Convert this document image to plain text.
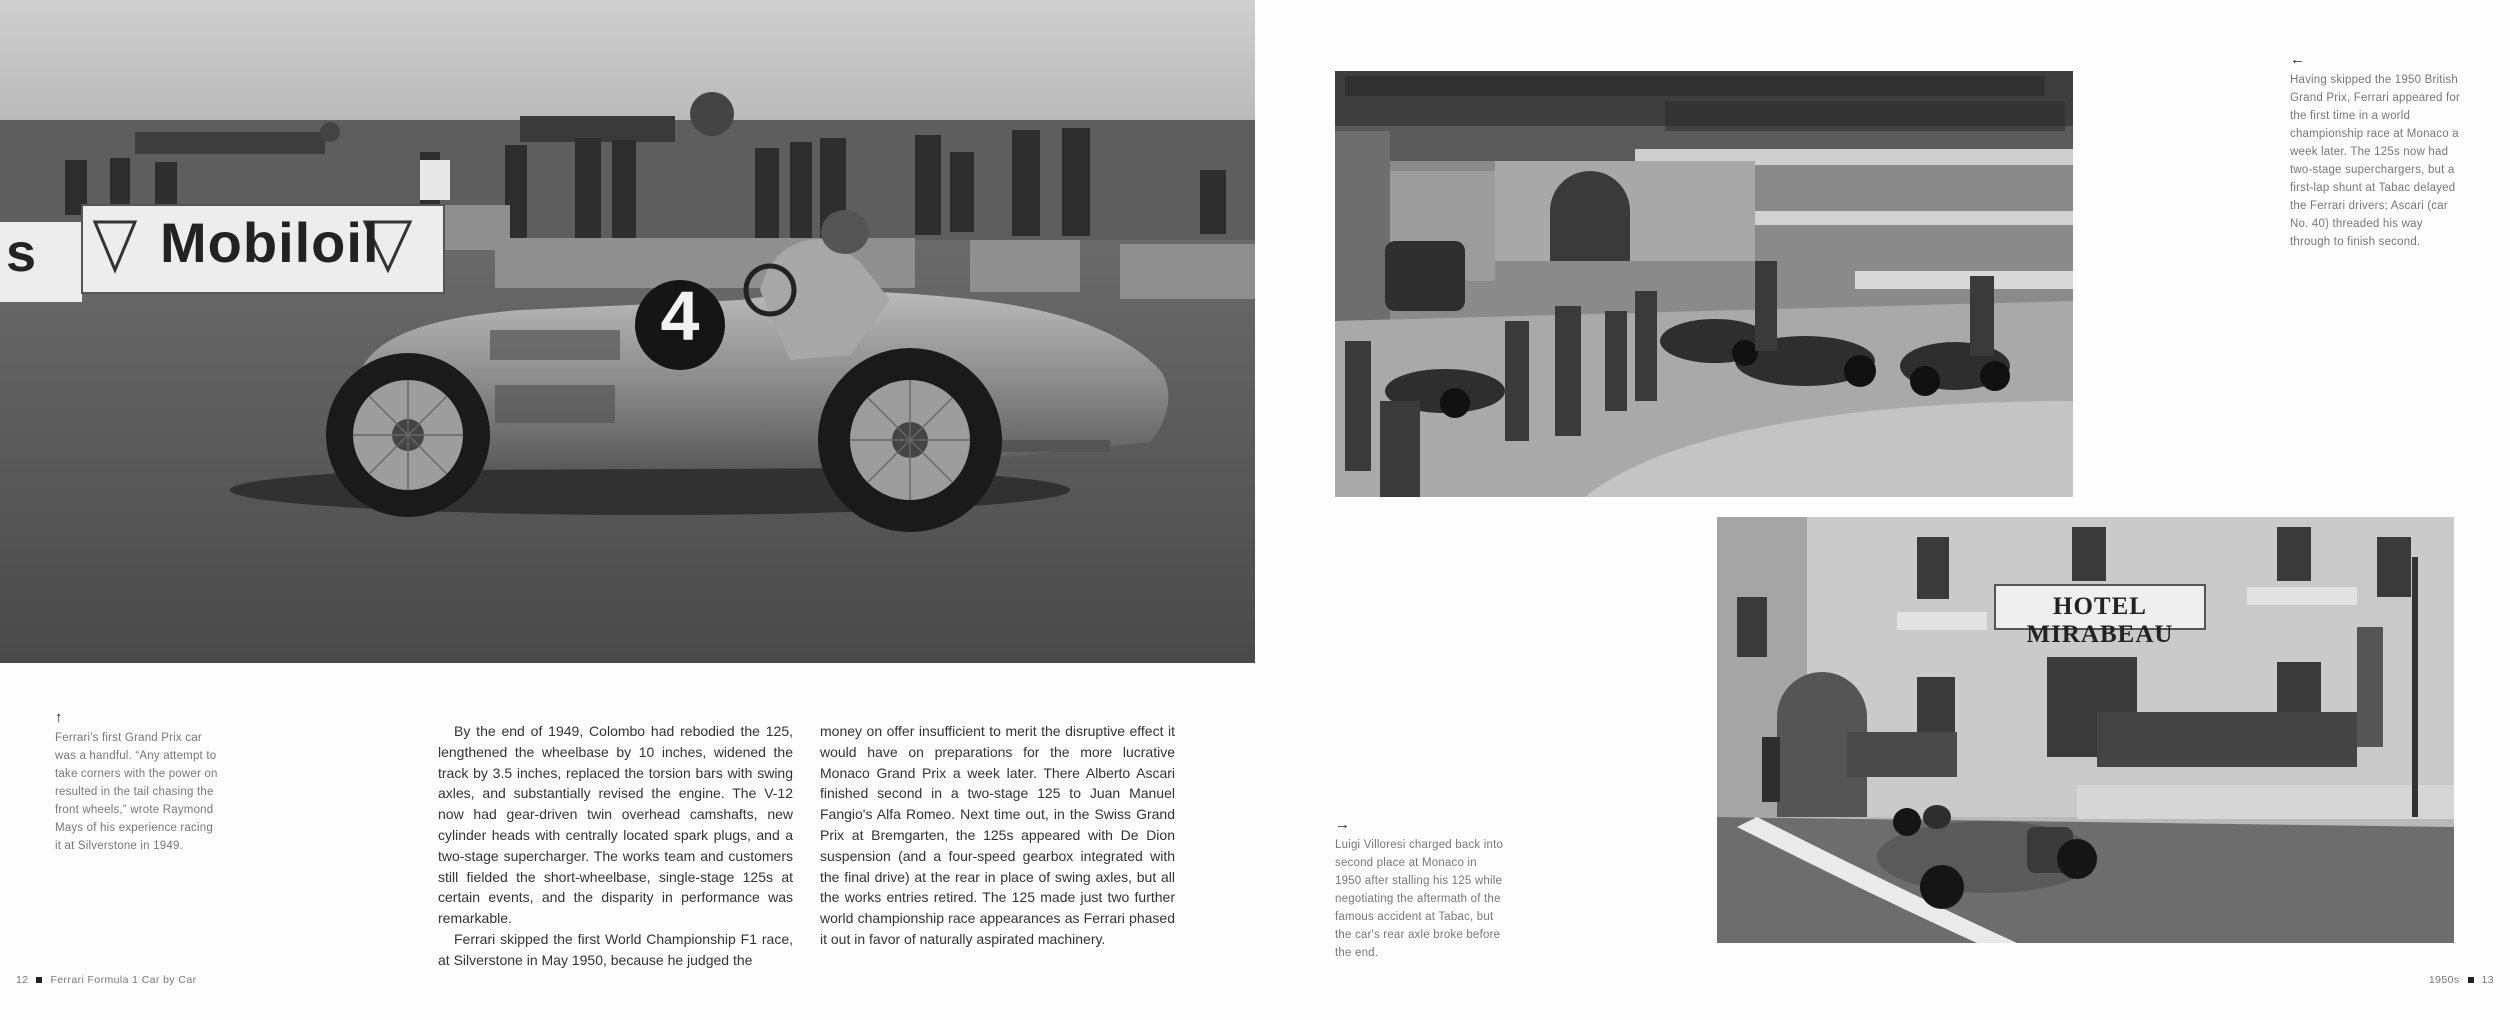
Mobiloil
s
4
↑
Ferrari's first Grand Prix car was a handful. “Any attempt to take corners with the power on resulted in the tail chasing the front wheels,” wrote Raymond Mays of his experience racing it at Silverstone in 1949.

By the end of 1949, Colombo had rebodied the 125, lengthened the wheelbase by 10 inches, widened the track by 3.5 inches, replaced the torsion bars with swing axles, and substantially revised the engine. The V-12 now had gear-driven twin overhead camshafts, new cylinder heads with centrally located spark plugs, and a two-stage supercharger. The works team and customers still fielded the short-wheelbase, single-stage 125s at certain events, and the disparity in performance was remarkable.

Ferrari skipped the first World Championship F1 race, at Silverstone in May 1950, because he judged the

money on offer insufficient to merit the disruptive effect it would have on preparations for the more lucrative Monaco Grand Prix a week later. There Alberto Ascari finished second in a two-stage 125 to Juan Manuel Fangio's Alfa Romeo. Next time out, in the Swiss Grand Prix at Bremgarten, the 125s appeared with De Dion suspension (and a four-speed gearbox integrated with the final drive) at the rear in place of swing axles, but all the works entries retired. The 125 made just two further world championship race appearances as Ferrari phased it out in favor of naturally aspirated machinery.

12 Ferrari Formula 1 Car by Car
←
Having skipped the 1950 British Grand Prix, Ferrari appeared for the first time in a world championship race at Monaco a week later. The 125s now had two-stage superchargers, but a first-lap shunt at Tabac delayed the Ferrari drivers; Ascari (car No. 40) threaded his way through to finish second.
HOTEL MIRABEAU
→
Luigi Villoresi charged back into second place at Monaco in 1950 after stalling his 125 while negotiating the aftermath of the famous accident at Tabac, but the car's rear axle broke before the end.
1950s 13
